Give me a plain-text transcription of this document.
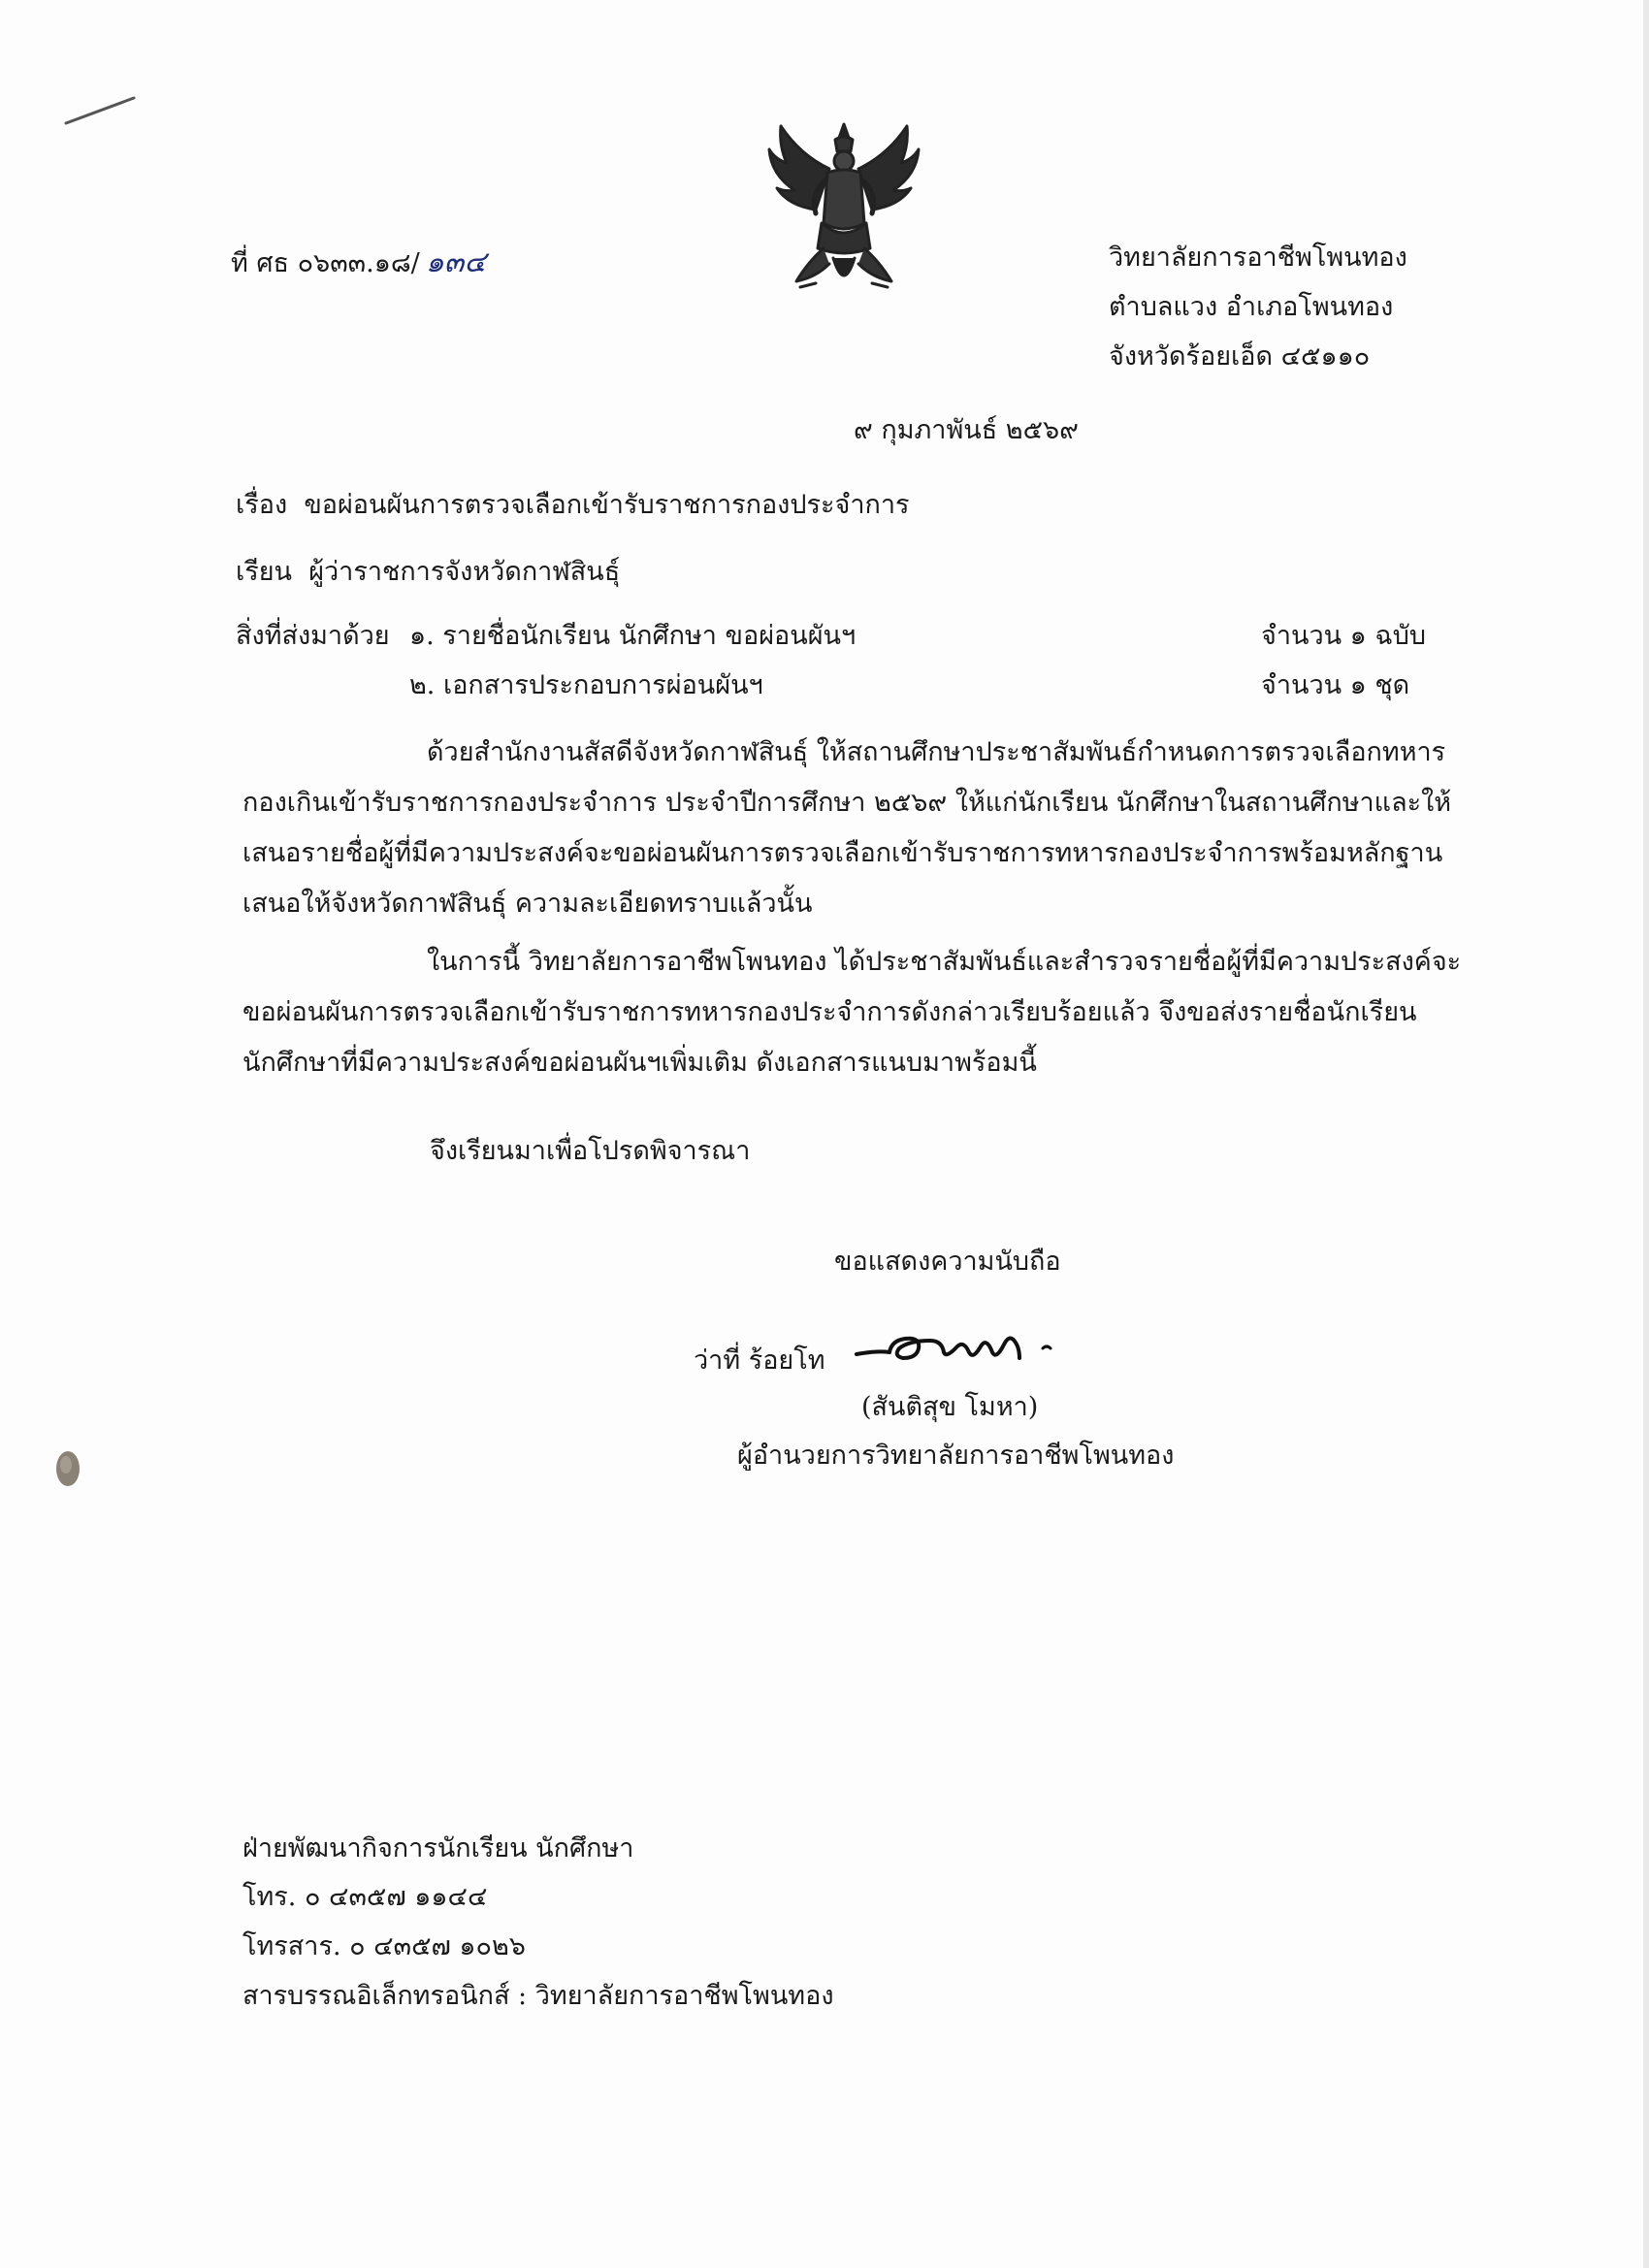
ที่ ศธ ๐๖๓๓.๑๘/ ๑๓๔	วิทยาลัยการอาชีพโพนทอง
ตำบลแวง อำเภอโพนทอง
จังหวัดร้อยเอ็ด ๔๕๑๑๐
๙ กุมภาพันธ์ ๒๕๖๙
เรื่อง ขอผ่อนผันการตรวจเลือกเข้ารับราชการกองประจำการ
เรียน ผู้ว่าราชการจังหวัดกาฬสินธุ์
สิ่งที่ส่งมาด้วย ๑. รายชื่อนักเรียน นักศึกษา ขอผ่อนผันฯ	จำนวน ๑ ฉบับ
๒. เอกสารประกอบการผ่อนผันฯ	จำนวน ๑ ชุด
ด้วยสำนักงานสัสดีจังหวัดกาฬสินธุ์ ให้สถานศึกษาประชาสัมพันธ์กำหนดการตรวจเลือกทหารกองเกินเข้ารับราชการกองประจำการ ประจำปีการศึกษา ๒๕๖๙ ให้แก่นักเรียน นักศึกษาในสถานศึกษาและให้เสนอรายชื่อผู้ที่มีความประสงค์จะขอผ่อนผันการตรวจเลือกเข้ารับราชการทหารกองประจำการพร้อมหลักฐานเสนอให้จังหวัดกาฬสินธุ์ ความละเอียดทราบแล้วนั้น
ในการนี้ วิทยาลัยการอาชีพโพนทอง ได้ประชาสัมพันธ์และสำรวจรายชื่อผู้ที่มีความประสงค์จะขอผ่อนผันการตรวจเลือกเข้ารับราชการทหารกองประจำการดังกล่าวเรียบร้อยแล้ว จึงขอส่งรายชื่อนักเรียนนักศึกษาที่มีความประสงค์ขอผ่อนผันฯเพิ่มเติม ดังเอกสารแนบมาพร้อมนี้
จึงเรียนมาเพื่อโปรดพิจารณา
ขอแสดงความนับถือ
ว่าที่ ร้อยโท
(สันติสุข โมหา)
ผู้อำนวยการวิทยาลัยการอาชีพโพนทอง
ฝ่ายพัฒนากิจการนักเรียน นักศึกษา
โทร. ๐ ๔๓๕๗ ๑๑๔๔
โทรสาร. ๐ ๔๓๕๗ ๑๐๒๖
สารบรรณอิเล็กทรอนิกส์ : วิทยาลัยการอาชีพโพนทอง
